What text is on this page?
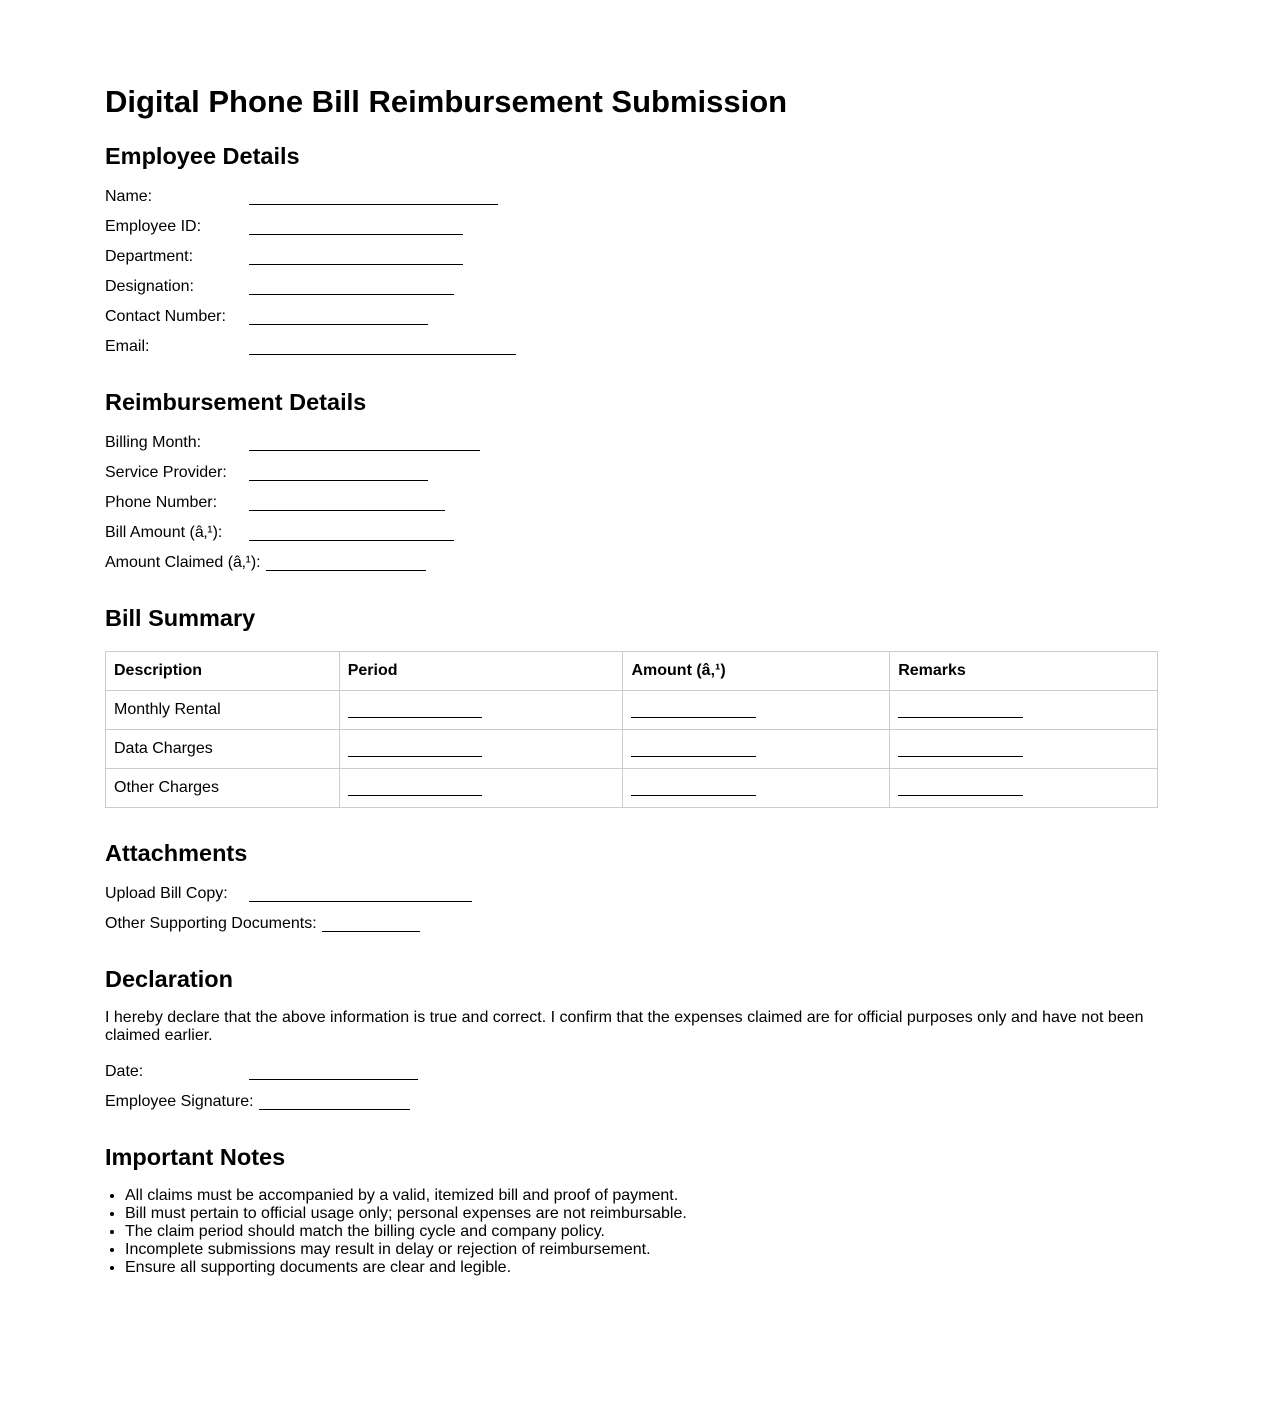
Digital Phone Bill Reimbursement Submission
Employee Details
Name:
Employee ID:
Department:
Designation:
Contact Number:
Email:
Reimbursement Details
Billing Month:
Service Provider:
Phone Number:
Bill Amount (â‚¹):
Amount Claimed (â‚¹):
Bill Summary
Description	Period	Amount (â‚¹)	Remarks
Monthly Rental			
Data Charges			
Other Charges			
Attachments
Upload Bill Copy:
Other Supporting Documents:
Declaration
I hereby declare that the above information is true and correct. I confirm that the expenses claimed are for official purposes only and have not been claimed earlier.
Date:
Employee Signature:
Important Notes
• All claims must be accompanied by a valid, itemized bill and proof of payment.
• Bill must pertain to official usage only; personal expenses are not reimbursable.
• The claim period should match the billing cycle and company policy.
• Incomplete submissions may result in delay or rejection of reimbursement.
• Ensure all supporting documents are clear and legible.
